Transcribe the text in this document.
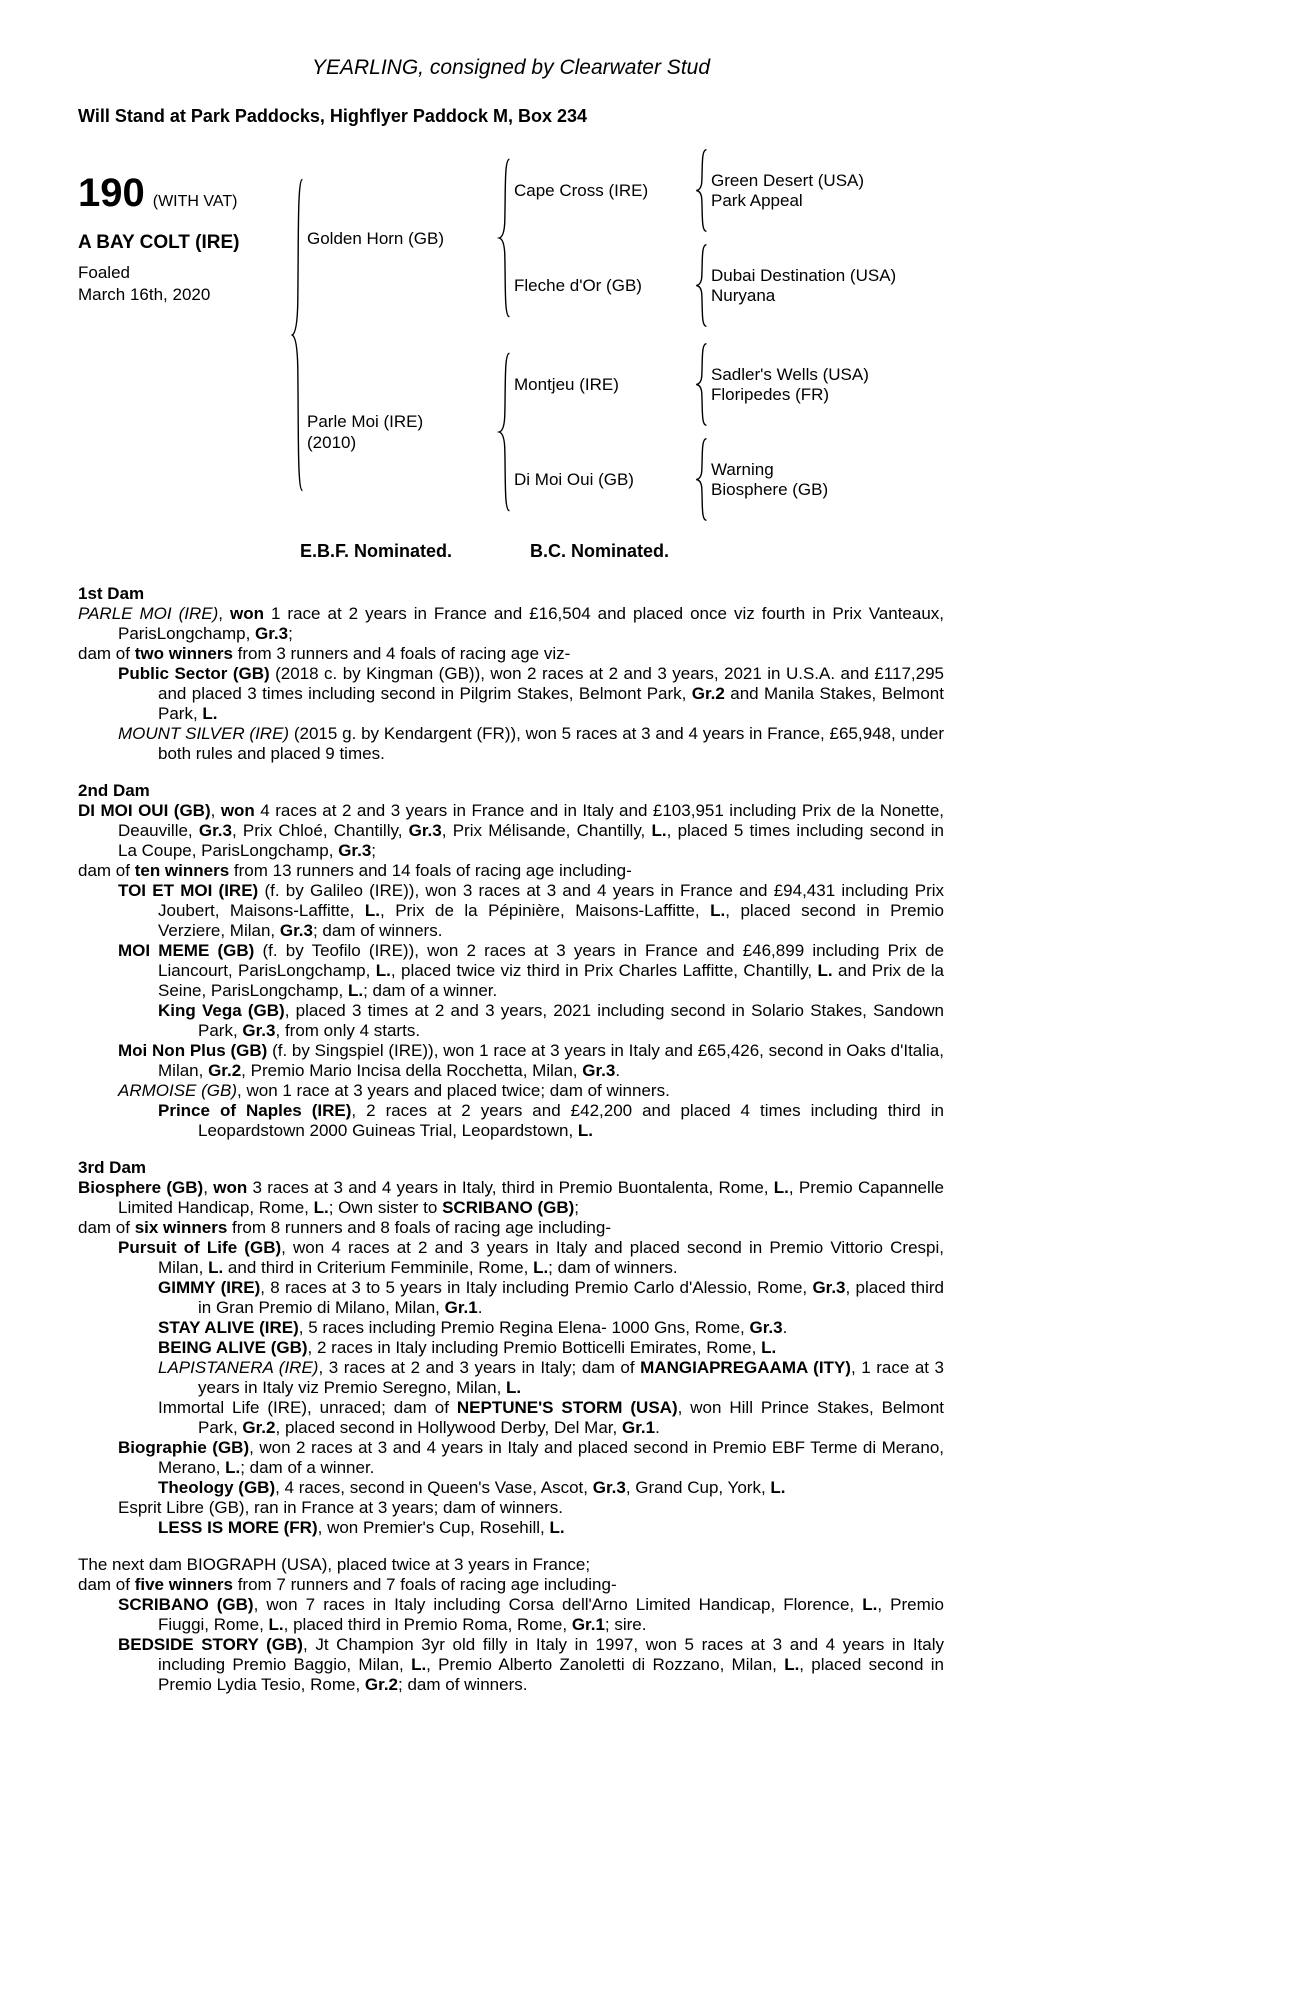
YEARLING, consigned by Clearwater Stud
Will Stand at Park Paddocks, Highflyer Paddock M, Box 234
190 (WITH VAT)
A BAY COLT (IRE)
Foaled
March 16th, 2020
Golden Horn (GB)
Cape Cross (IRE)
Green Desert (USA)
Park Appeal
Fleche d'Or (GB)
Dubai Destination (USA)
Nuryana
Parle Moi (IRE)
(2010)
Montjeu (IRE)
Sadler's Wells (USA)
Floripedes (FR)
Di Moi Oui (GB)
Warning
Biosphere (GB)
E.B.F. Nominated.	B.C. Nominated.
1st Dam

PARLE MOI (IRE), won 1 race at 2 years in France and £16,504 and placed once viz fourth in Prix Vanteaux, ParisLongchamp, Gr.3;

dam of two winners from 3 runners and 4 foals of racing age viz-

Public Sector (GB) (2018 c. by Kingman (GB)), won 2 races at 2 and 3 years, 2021 in U.S.A. and £117,295 and placed 3 times including second in Pilgrim Stakes, Belmont Park, Gr.2 and Manila Stakes, Belmont Park, L.

MOUNT SILVER (IRE) (2015 g. by Kendargent (FR)), won 5 races at 3 and 4 years in France, £65,948, under both rules and placed 9 times.

2nd Dam

DI MOI OUI (GB), won 4 races at 2 and 3 years in France and in Italy and £103,951 including Prix de la Nonette, Deauville, Gr.3, Prix Chloé, Chantilly, Gr.3, Prix Mélisande, Chantilly, L., placed 5 times including second in La Coupe, ParisLongchamp, Gr.3;

dam of ten winners from 13 runners and 14 foals of racing age including-

TOI ET MOI (IRE) (f. by Galileo (IRE)), won 3 races at 3 and 4 years in France and £94,431 including Prix Joubert, Maisons-Laffitte, L., Prix de la Pépinière, Maisons-Laffitte, L., placed second in Premio Verziere, Milan, Gr.3; dam of winners.

MOI MEME (GB) (f. by Teofilo (IRE)), won 2 races at 3 years in France and £46,899 including Prix de Liancourt, ParisLongchamp, L., placed twice viz third in Prix Charles Laffitte, Chantilly, L. and Prix de la Seine, ParisLongchamp, L.; dam of a winner.

King Vega (GB), placed 3 times at 2 and 3 years, 2021 including second in Solario Stakes, Sandown Park, Gr.3, from only 4 starts.

Moi Non Plus (GB) (f. by Singspiel (IRE)), won 1 race at 3 years in Italy and £65,426, second in Oaks d'Italia, Milan, Gr.2, Premio Mario Incisa della Rocchetta, Milan, Gr.3.

ARMOISE (GB), won 1 race at 3 years and placed twice; dam of winners.

Prince of Naples (IRE), 2 races at 2 years and £42,200 and placed 4 times including third in Leopardstown 2000 Guineas Trial, Leopardstown, L.

3rd Dam

Biosphere (GB), won 3 races at 3 and 4 years in Italy, third in Premio Buontalenta, Rome, L., Premio Capannelle Limited Handicap, Rome, L.; Own sister to SCRIBANO (GB);

dam of six winners from 8 runners and 8 foals of racing age including-

Pursuit of Life (GB), won 4 races at 2 and 3 years in Italy and placed second in Premio Vittorio Crespi, Milan, L. and third in Criterium Femminile, Rome, L.; dam of winners.

GIMMY (IRE), 8 races at 3 to 5 years in Italy including Premio Carlo d'Alessio, Rome, Gr.3, placed third in Gran Premio di Milano, Milan, Gr.1.

STAY ALIVE (IRE), 5 races including Premio Regina Elena- 1000 Gns, Rome, Gr.3.

BEING ALIVE (GB), 2 races in Italy including Premio Botticelli Emirates, Rome, L.

LAPISTANERA (IRE), 3 races at 2 and 3 years in Italy; dam of MANGIAPREGAAMA (ITY), 1 race at 3 years in Italy viz Premio Seregno, Milan, L.

Immortal Life (IRE), unraced; dam of NEPTUNE'S STORM (USA), won Hill Prince Stakes, Belmont Park, Gr.2, placed second in Hollywood Derby, Del Mar, Gr.1.

Biographie (GB), won 2 races at 3 and 4 years in Italy and placed second in Premio EBF Terme di Merano, Merano, L.; dam of a winner.

Theology (GB), 4 races, second in Queen's Vase, Ascot, Gr.3, Grand Cup, York, L.

Esprit Libre (GB), ran in France at 3 years; dam of winners.

LESS IS MORE (FR), won Premier's Cup, Rosehill, L.

The next dam BIOGRAPH (USA), placed twice at 3 years in France;

dam of five winners from 7 runners and 7 foals of racing age including-

SCRIBANO (GB), won 7 races in Italy including Corsa dell'Arno Limited Handicap, Florence, L., Premio Fiuggi, Rome, L., placed third in Premio Roma, Rome, Gr.1; sire.

BEDSIDE STORY (GB), Jt Champion 3yr old filly in Italy in 1997, won 5 races at 3 and 4 years in Italy including Premio Baggio, Milan, L., Premio Alberto Zanoletti di Rozzano, Milan, L., placed second in Premio Lydia Tesio, Rome, Gr.2; dam of winners.
